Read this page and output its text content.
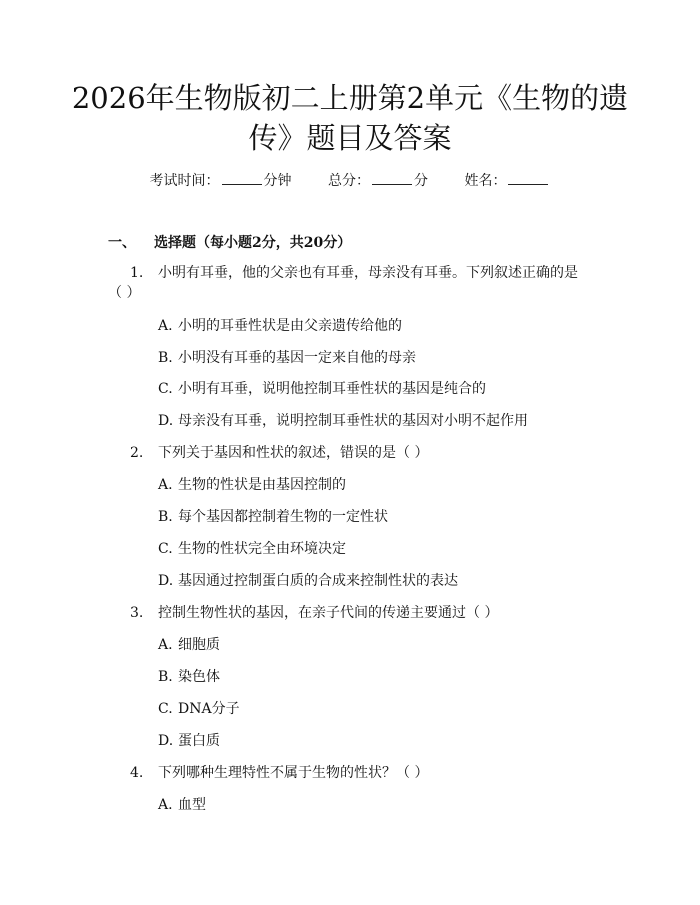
2026年生物版初二上册第2单元《生物的遗
传》题目及答案
考试时间：	分钟	总分：	分	姓名：
一、 选择题（每小题2分，共20分）
1. 小明有耳垂，他的父亲也有耳垂，母亲没有耳垂。下列叙述正确的是
（ ）
A. 小明的耳垂性状是由父亲遗传给他的
B. 小明没有耳垂的基因一定来自他的母亲
C. 小明有耳垂，说明他控制耳垂性状的基因是纯合的
D. 母亲没有耳垂，说明控制耳垂性状的基因对小明不起作用
2. 下列关于基因和性状的叙述，错误的是（ ）
A. 生物的性状是由基因控制的
B. 每个基因都控制着生物的一定性状
C. 生物的性状完全由环境决定
D. 基因通过控制蛋白质的合成来控制性状的表达
3. 控制生物性状的基因，在亲子代间的传递主要通过（ ）
A. 细胞质
B. 染色体
C. DNA分子
D. 蛋白质
4. 下列哪种生理特性不属于生物的性状？（ ）
A. 血型
